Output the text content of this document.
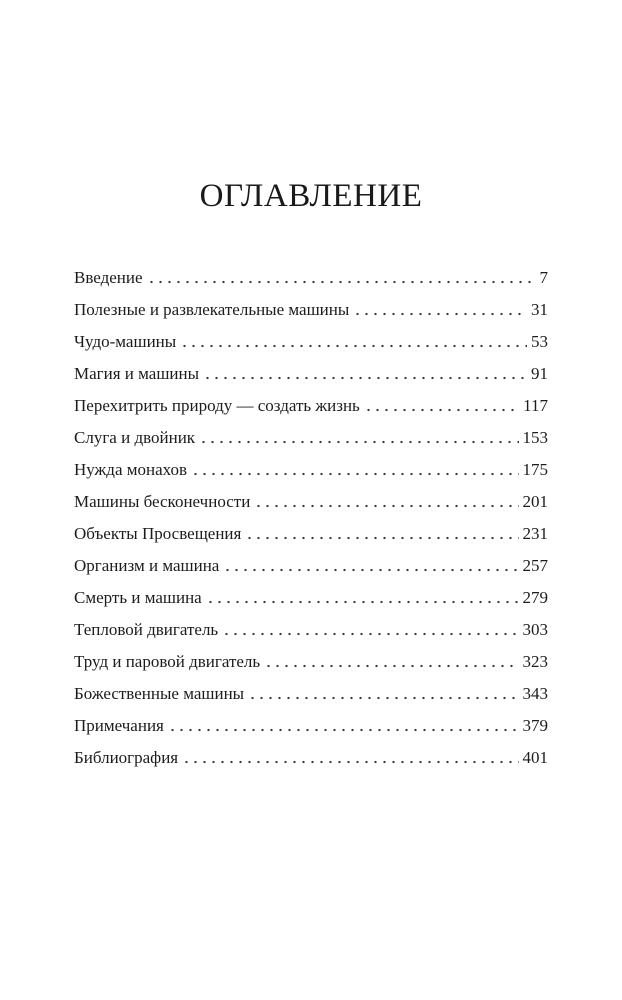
ОГЛАВЛЕНИЕ
Введение	7
Полезные и развлекательные машины	31
Чудо-машины	53
Магия и машины	91
Перехитрить природу — создать жизнь	117
Слуга и двойник	153
Нужда монахов	175
Машины бесконечности	201
Объекты Просвещения	231
Организм и машина	257
Смерть и машина	279
Тепловой двигатель	303
Труд и паровой двигатель	323
Божественные машины	343
Примечания	379
Библиография	401
